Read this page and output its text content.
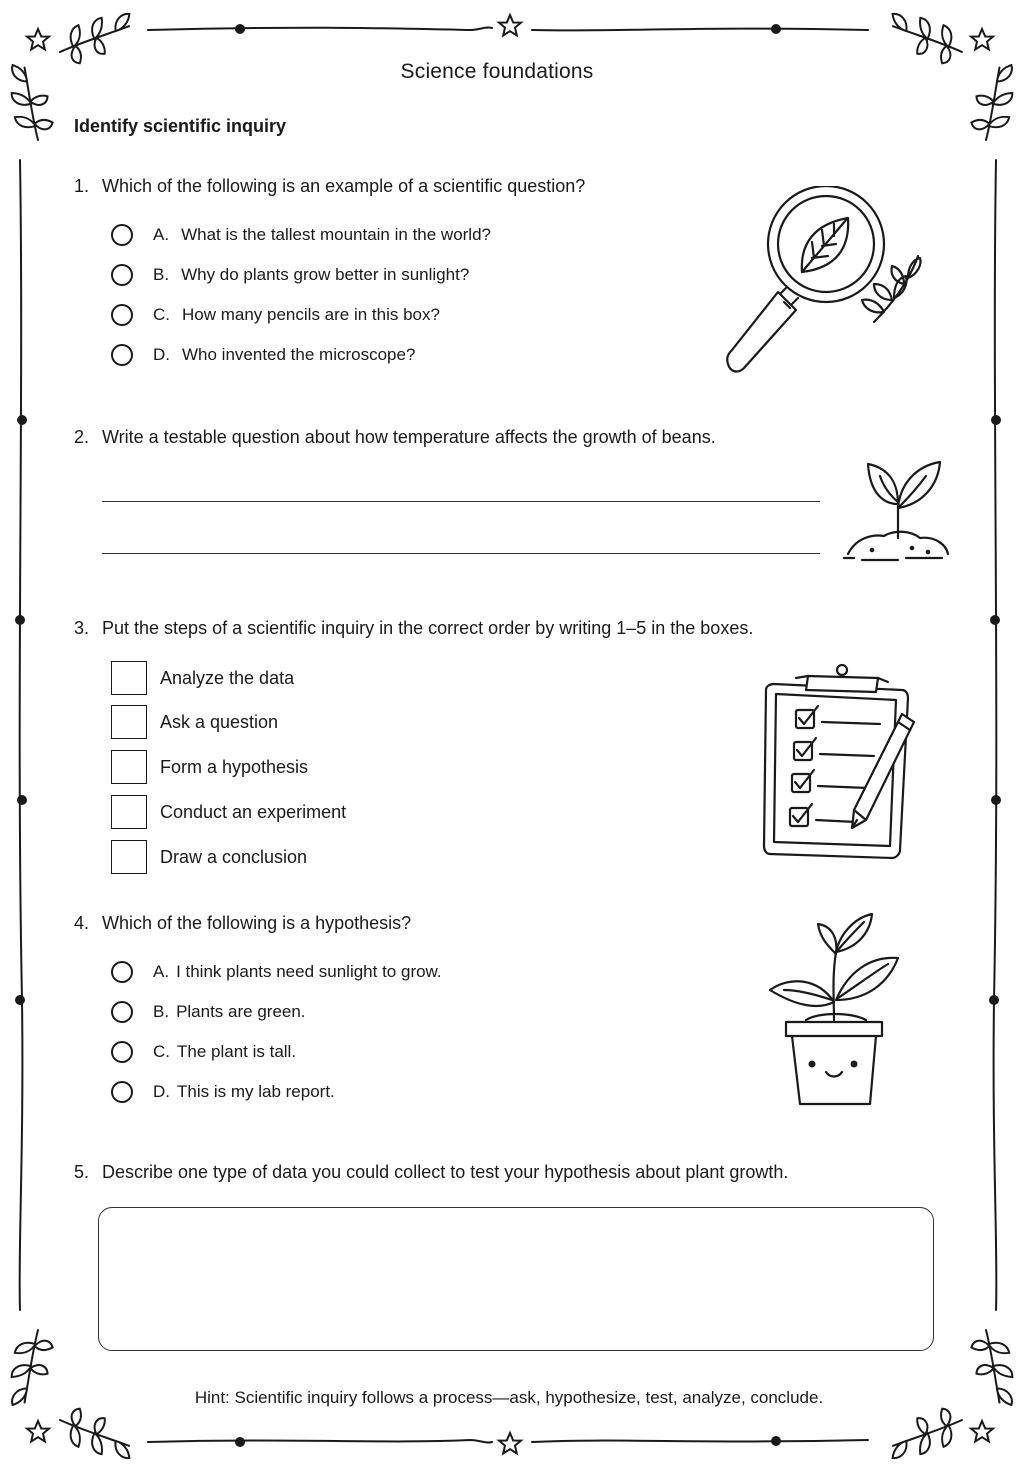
Science foundations
Identify scientific inquiry
1. Which of the following is an example of a scientific question?
A. What is the tallest mountain in the world?
B. Why do plants grow better in sunlight?
C. How many pencils are in this box?
D. Who invented the microscope?
2. Write a testable question about how temperature affects the growth of beans.
3. Put the steps of a scientific inquiry in the correct order by writing 1–5 in the boxes.
Analyze the data
Ask a question
Form a hypothesis
Conduct an experiment
Draw a conclusion
4. Which of the following is a hypothesis?
A. I think plants need sunlight to grow.
B. Plants are green.
C. The plant is tall.
D. This is my lab report.
5. Describe one type of data you could collect to test your hypothesis about plant growth.
Hint: Scientific inquiry follows a process—ask, hypothesize, test, analyze, conclude.
